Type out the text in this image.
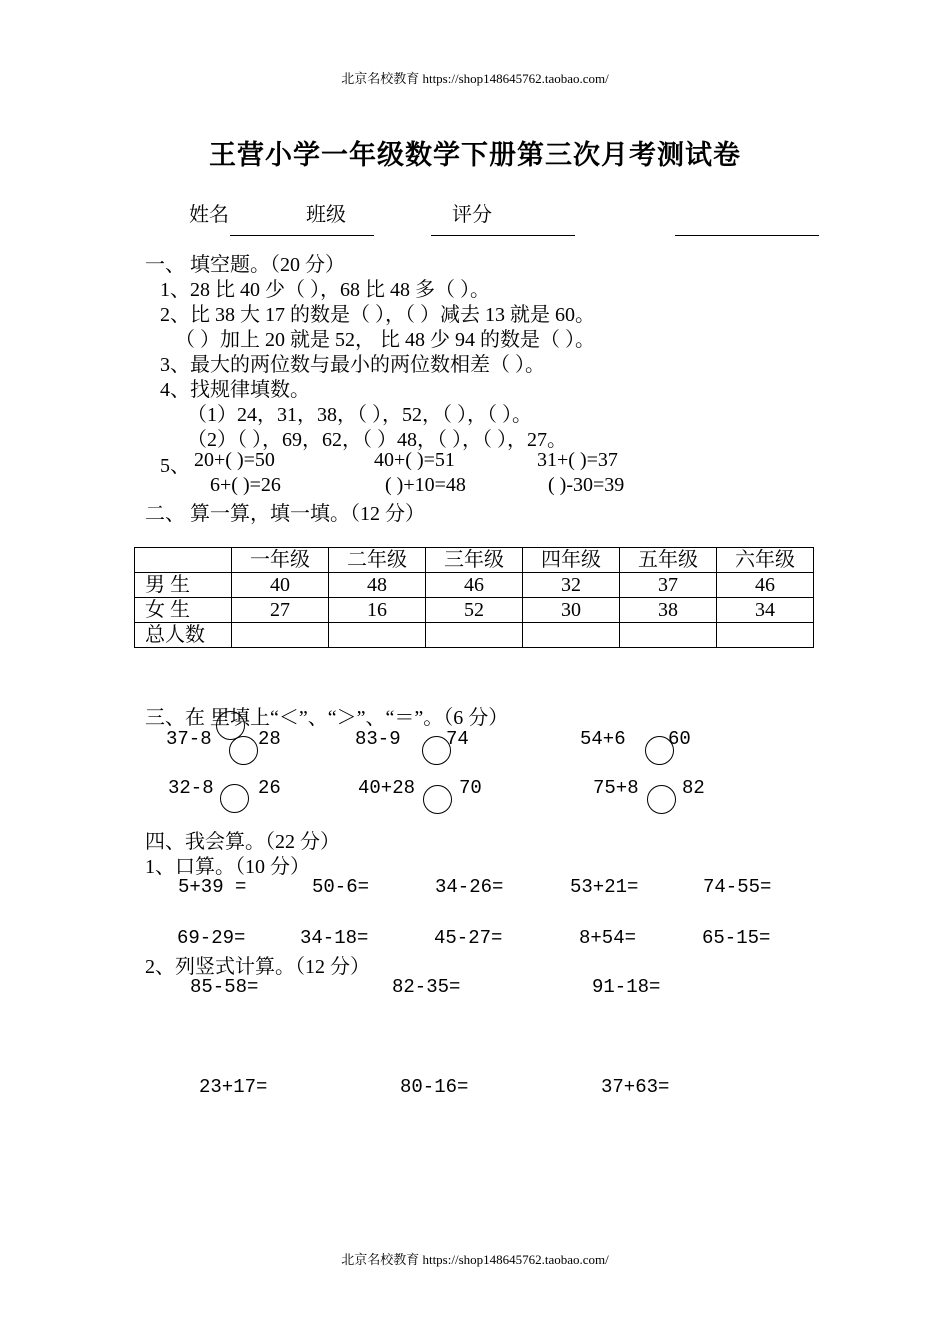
北京名校教育 https://shop148645762.taobao.com/
王营小学一年级数学下册第三次月考测试卷
姓名	班级	评分
一、 填空题。（20 分）
1、28 比 40 少（ ），68 比 48 多（ ）。
2、比 38 大 17 的数是（ ），（ ）减去 13 就是 60。
（ ）加上 20 就是 52， 比 48 少 94 的数是（ ）。
3、最大的两位数与最小的两位数相差（ ）。
4、找规律填数。
（1）24，31，38，（ ），52，（ ），（ ）。
（2）（ ），69，62，（ ）48，（ ），（ ），27。
5、 20+( )=50	40+( )=51	31+( )=37
6+( )=26	( )+10=48	( )-30=39
二、 算一算，填一填。（12 分）
	一年级	二年级	三年级	四年级	五年级	六年级
男 生	40	48	46	32	37	46
女 生	27	16	52	30	38	34
总人数						
三、在 里填上“＜”、“＞”、“＝”。（6 分）
37-8 28	83-9 74	54+6 60
32-8 26	40+28 70	75+8 82
四、我会算。（22 分）
1、口算。（10 分）
5+39 =	50-6=	34-26=	53+21=	74-55=
69-29=	34-18=	45-27=	8+54=	65-15=
2、列竖式计算。（12 分）
85-58=	82-35=	91-18=
23+17=	80-16=	37+63=
北京名校教育 https://shop148645762.taobao.com/
